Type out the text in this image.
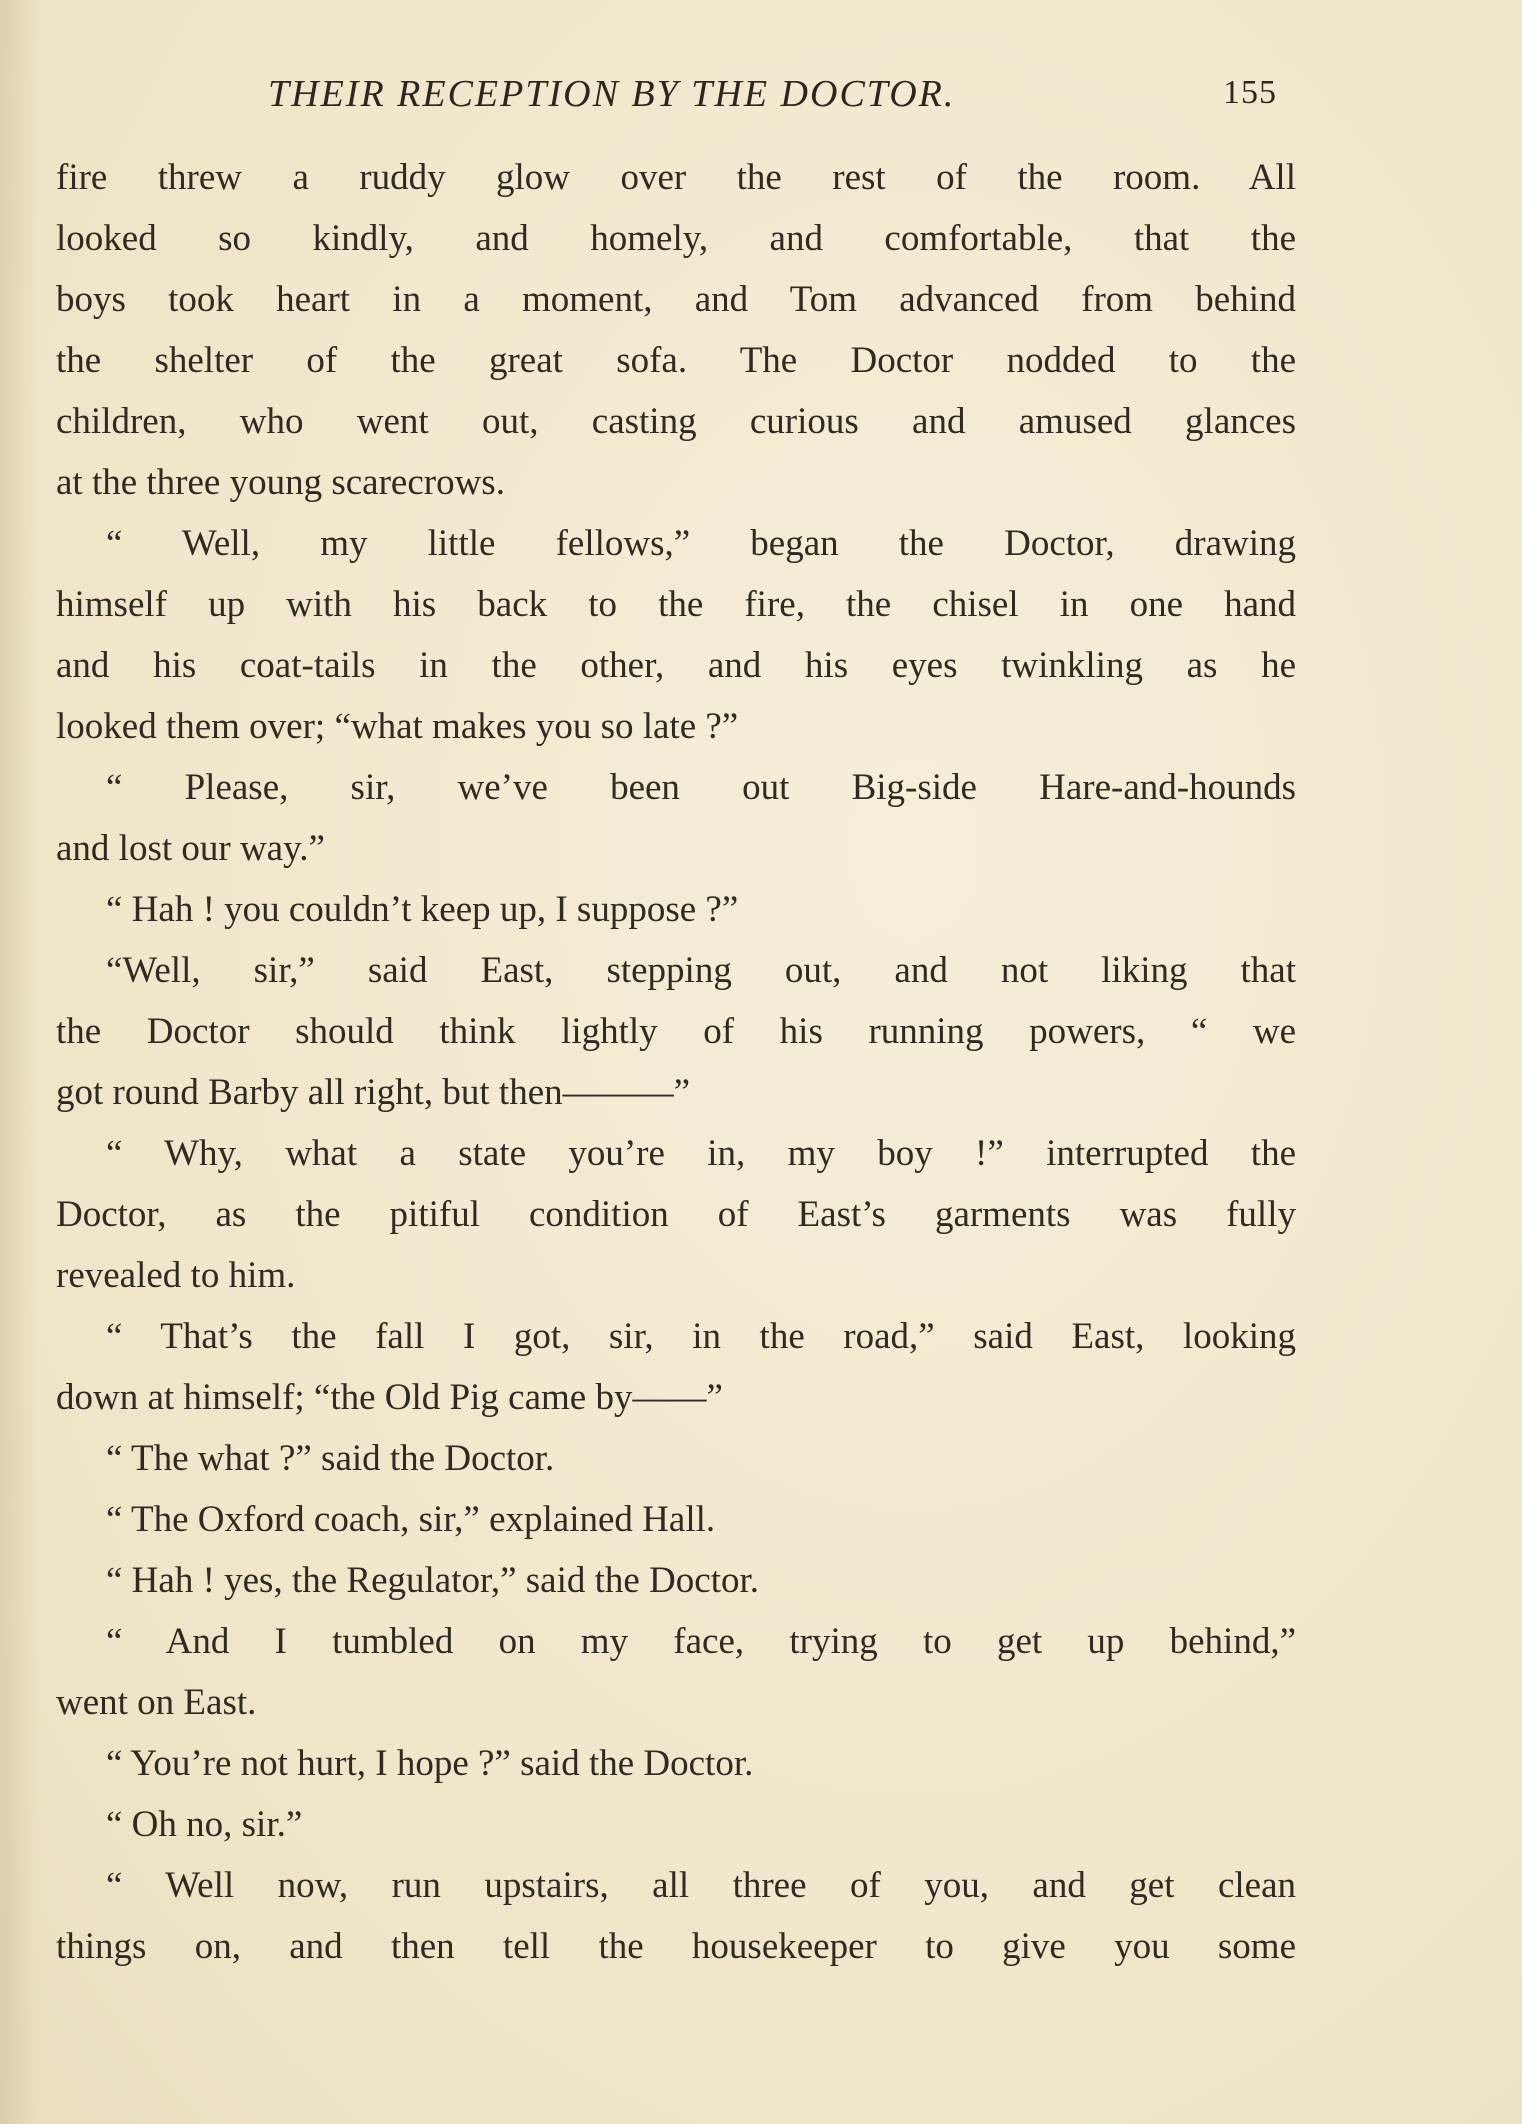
THEIR RECEPTION BY THE DOCTOR.	155
fire threw a ruddy glow over the rest of the room. All
looked so kindly, and homely, and comfortable, that the
boys took heart in a moment, and Tom advanced from behind
the shelter of the great sofa. The Doctor nodded to the
children, who went out, casting curious and amused glances
at the three young scarecrows.
“ Well, my little fellows,” began the Doctor, drawing
himself up with his back to the fire, the chisel in one hand
and his coat-tails in the other, and his eyes twinkling as he
looked them over; “what makes you so late ?”
“ Please, sir, we’ve been out Big-side Hare-and-hounds
and lost our way.”
“ Hah ! you couldn’t keep up, I suppose ?”
“Well, sir,” said East, stepping out, and not liking that
the Doctor should think lightly of his running powers, “ we
got round Barby all right, but then———”
“ Why, what a state you’re in, my boy !” interrupted the
Doctor, as the pitiful condition of East’s garments was fully
revealed to him.
“ That’s the fall I got, sir, in the road,” said East, looking
down at himself; “the Old Pig came by——”
“ The what ?” said the Doctor.
“ The Oxford coach, sir,” explained Hall.
“ Hah ! yes, the Regulator,” said the Doctor.
“ And I tumbled on my face, trying to get up behind,”
went on East.
“ You’re not hurt, I hope ?” said the Doctor.
“ Oh no, sir.”
“ Well now, run upstairs, all three of you, and get clean
things on, and then tell the housekeeper to give you some
